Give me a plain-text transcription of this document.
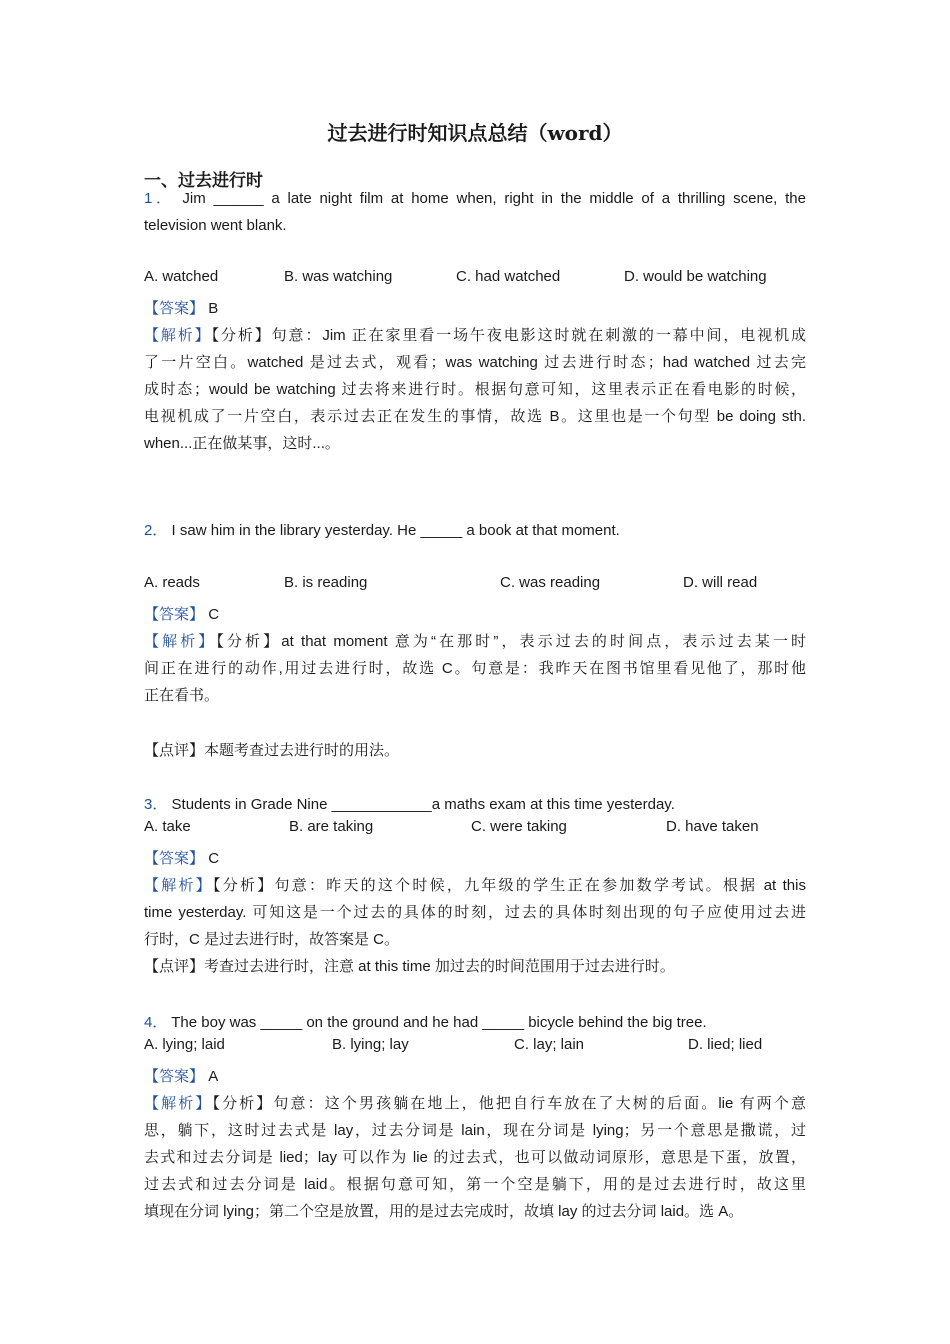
过去进行时知识点总结（word）
一、过去进行时
1． Jim ______ a late night film at home when, right in the middle of a thrilling scene, the
television went blank.
A. watched	B. was watching	C. had watched	D. would be watching
【答案】 B
【解析】【分析】句意：Jim 正在家里看一场午夜电影这时就在刺激的一幕中间，电视机成
了一片空白。watched 是过去式，观看；was watching 过去进行时态；had watched 过去完
成时态；would be watching 过去将来进行时。根据句意可知，这里表示正在看电影的时候，
电视机成了一片空白，表示过去正在发生的事情，故选 B。这里也是一个句型 be doing sth.
when...正在做某事，这时...。
2． I saw him in the library yesterday. He _____ a book at that moment.
A. reads	B. is reading	C. was reading	D. will read
【答案】 C
【解析】【分析】at that moment 意为“在那时”，表示过去的时间点，表示过去某一时
间正在进行的动作,用过去进行时，故选 C。句意是：我昨天在图书馆里看见他了，那时他
正在看书。
【点评】本题考查过去进行时的用法。
3． Students in Grade Nine ____________a maths exam at this time yesterday.
A. take	B. are taking	C. were taking	D. have taken
【答案】 C
【解析】【分析】句意：昨天的这个时候，九年级的学生正在参加数学考试。根据 at this
time yesterday. 可知这是一个过去的具体的时刻，过去的具体时刻出现的句子应使用过去进
行时，C 是过去进行时，故答案是 C。
【点评】考查过去进行时，注意 at this time 加过去的时间范围用于过去进行时。
4． The boy was _____ on the ground and he had _____ bicycle behind the big tree.
A. lying; laid	B. lying; lay	C. lay; lain	D. lied; lied
【答案】 A
【解析】【分析】句意：这个男孩躺在地上，他把自行车放在了大树的后面。lie 有两个意
思，躺下，这时过去式是 lay，过去分词是 lain，现在分词是 lying；另一个意思是撒谎，过
去式和过去分词是 lied；lay 可以作为 lie 的过去式，也可以做动词原形，意思是下蛋，放置，
过去式和过去分词是 laid。根据句意可知，第一个空是躺下，用的是过去进行时，故这里
填现在分词 lying；第二个空是放置，用的是过去完成时，故填 lay 的过去分词 laid。选 A。
